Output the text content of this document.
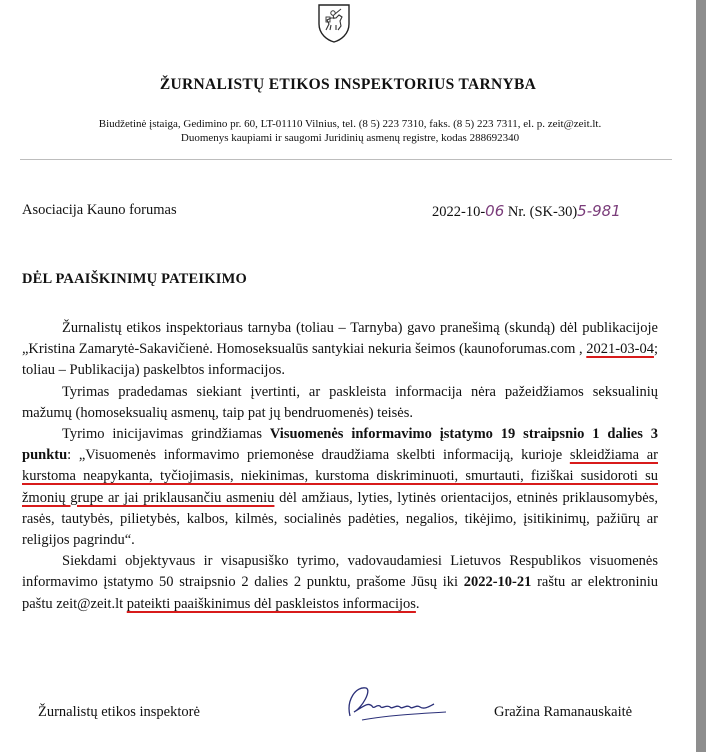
ŽURNALISTŲ ETIKOS INSPEKTORIUS TARNYBA
Biudžetinė įstaiga, Gedimino pr. 60, LT-01110 Vilnius, tel. (8 5) 223 7310, faks. (8 5) 223 7311, el. p. zeit@zeit.lt.
Duomenys kaupiami ir saugomi Juridinių asmenų registre, kodas 288692340
Asociacija Kauno forumas	2022-10-06 Nr. (SK-30)5-981
DĖL PAAIŠKINIMŲ PATEIKIMO

Žurnalistų etikos inspektoriaus tarnyba (toliau – Tarnyba) gavo pranešimą (skundą) dėl publikacijoje „Kristina Zamarytė-Sakavičienė. Homoseksualūs santykiai nekuria šeimos (kaunoforumas.com , 2021-03-04; toliau – Publikacija) paskelbtos informacijos.

Tyrimas pradedamas siekiant įvertinti, ar paskleista informacija nėra pažeidžiamos seksualinių mažumų (homoseksualių asmenų, taip pat jų bendruomenės) teisės.

Tyrimo inicijavimas grindžiamas Visuomenės informavimo įstatymo 19 straipsnio 1 dalies 3 punktu: „Visuomenės informavimo priemonėse draudžiama skelbti informaciją, kurioje skleidžiama ar kurstoma neapykanta, tyčiojimasis, niekinimas, kurstoma diskriminuoti, smurtauti, fiziškai susidoroti su žmonių grupe ar jai priklausančiu asmeniu dėl amžiaus, lyties, lytinės orientacijos, etninės priklausomybės, rasės, tautybės, pilietybės, kalbos, kilmės, socialinės padėties, negalios, tikėjimo, įsitikinimų, pažiūrų ar religijos pagrindu“.

Siekdami objektyvaus ir visapusiško tyrimo, vadovaudamiesi Lietuvos Respublikos visuomenės informavimo įstatymo 50 straipsnio 2 dalies 2 punktu, prašome Jūsų iki 2022-10-21 raštu ar elektroniniu paštu zeit@zeit.lt pateikti paaiškinimus dėl paskleistos informacijos.

Žurnalistų etikos inspektorė	Gražina Ramanauskaitė
